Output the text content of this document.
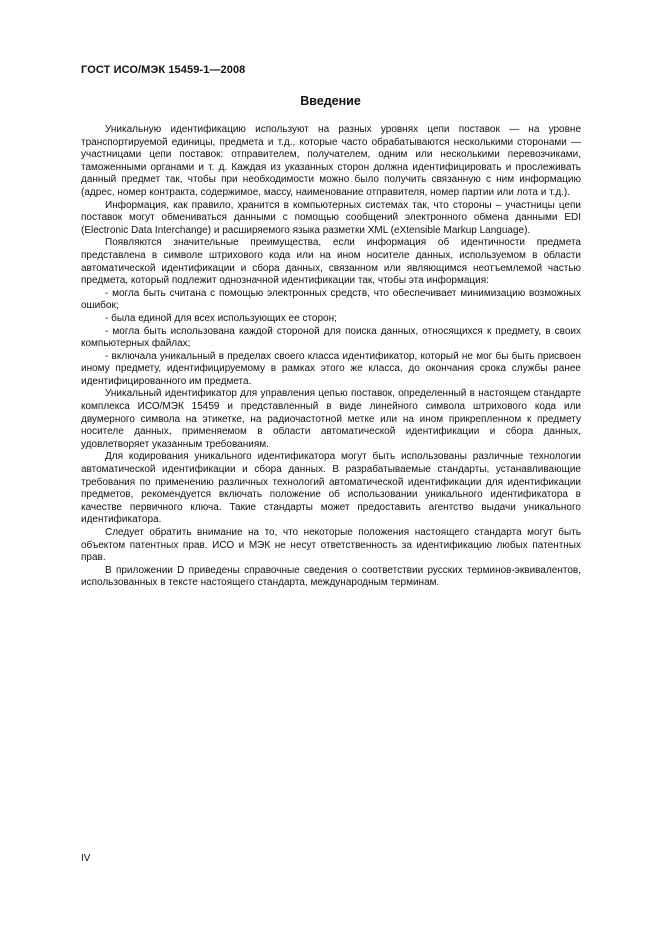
ГОСТ ИСО/МЭК 15459-1—2008
Введение

Уникальную идентификацию используют на разных уровнях цепи поставок — на уровне транспортируемой единицы, предмета и т.д., которые часто обрабатываются несколькими сторонами — участницами цепи поставок: отправителем, получателем, одним или несколькими перевозчиками, таможенными органами и т. д. Каждая из указанных сторон должна идентифицировать и прослеживать данный предмет так, чтобы при необходимости можно было получить связанную с ним информацию (адрес, номер контракта, содержимое, массу, наименование отправителя, номер партии или лота и т.д.).

Информация, как правило, хранится в компьютерных системах так, что стороны – участницы цепи поставок могут обмениваться данными с помощью сообщений электронного обмена данными EDI (Electronic Data Interchange) и расширяемого языка разметки XML (eXtensible Markup Language).

Появляются значительные преимущества, если информация об идентичности предмета представлена в символе штрихового кода или на ином носителе данных, используемом в области автоматической идентификации и сбора данных, связанном или являющимся неотъемлемой частью предмета, который подлежит однозначной идентификации так, чтобы эта информация:

- могла быть считана с помощью электронных средств, что обеспечивает минимизацию возможных ошибок;

- была единой для всех использующих ее сторон;

- могла быть использована каждой стороной для поиска данных, относящихся к предмету, в своих компьютерных файлах;

- включала уникальный в пределах своего класса идентификатор, который не мог бы быть присвоен иному предмету, идентифицируемому в рамках этого же класса, до окончания срока службы ранее идентифицированного им предмета.

Уникальный идентификатор для управления цепью поставок, определенный в настоящем стандарте комплекса ИСО/МЭК 15459 и представленный в виде линейного символа штрихового кода или двумерного символа на этикетке, на радиочастотной метке или на ином прикрепленном к предмету носителе данных, применяемом в области автоматической идентификации и сбора данных, удовлетворяет указанным требованиям.

Для кодирования уникального идентификатора могут быть использованы различные технологии автоматической идентификации и сбора данных. В разрабатываемые стандарты, устанавливающие требования по применению различных технологий автоматической идентификации для идентификации предметов, рекомендуется включать положение об использовании уникального идентификатора в качестве первичного ключа. Такие стандарты может предоставить агентство выдачи уникального идентификатора.

Следует обратить внимание на то, что некоторые положения настоящего стандарта могут быть объектом патентных прав. ИСО и МЭК не несут ответственность за идентификацию любых патентных прав.

В приложении D приведены справочные сведения о соответствии русских терминов-эквивалентов, использованных в тексте настоящего стандарта, международным терминам.

IV
